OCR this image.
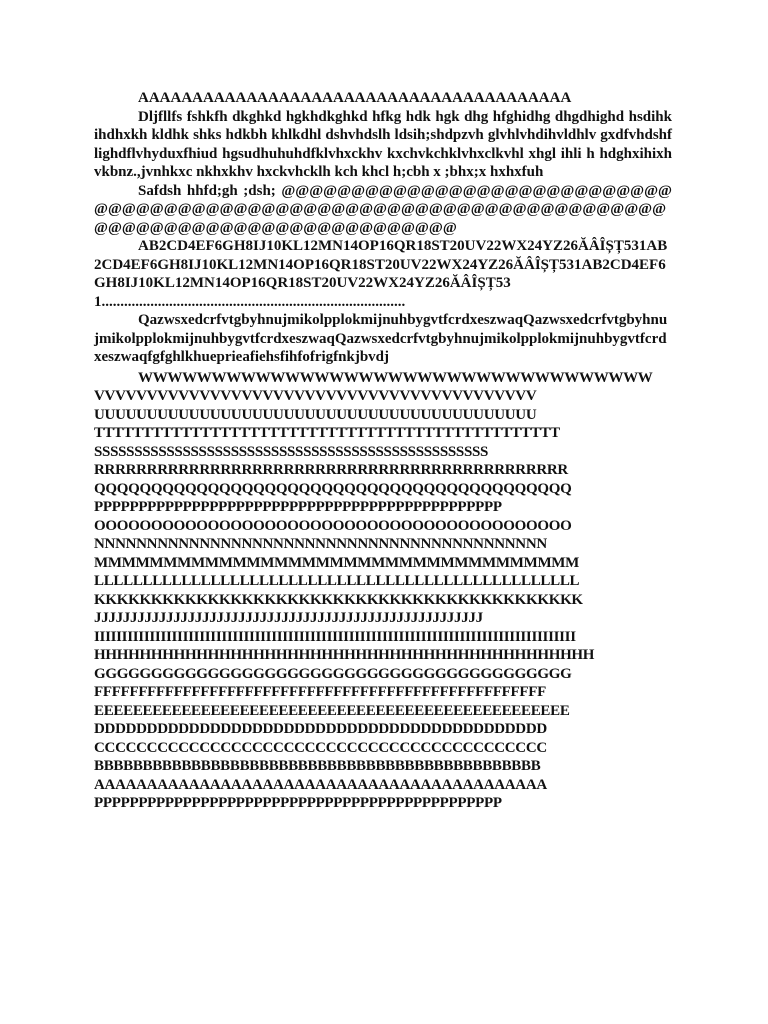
AAAAAAAAAAAAAAAAAAAAAAAAAAAAAAAAAAAAAAAA

Dljfllfs fshkfh dkghkd hgkhdkghkd hfkg hdk hgk dhg hfghidhg dhgdhighd hsdihk ihdhxkh kldhk shks hdkbh khlkdhl dshvhdslh ldsih;shdpzvh glvhlvhdihvldhlv gxdfvhdshflighdflvhyduxfhiud hgsudhuhuhdfklvhxckhv kxchvkchklvhxclkvhl xhgl ihli h hdghxihixhvkbnz.,jvnhkxc nkhxkhv hxckvhcklh kch khcl h;cbh x ;bhx;x hxhxfuh

Safdsh hhfd;gh ;dsh; @@@@@@@@@@@@@@@@@@@@@@@@@@@@@@@@@@@@@@@@@@@@@@@@@@@@@@@@@@@@@@@@@@@@@@@@@@@@@@@@@@@@@@@@@@@@@@@

AB2CD4EF6GH8IJ10KL12MN14OP16QR18ST20UV22WX24YZ26ĂÂÎȘȚ531AB2CD4EF6GH8IJ10KL12MN14OP16QR18ST20UV22WX24YZ26ĂÂÎȘȚ531AB2CD4EF6GH8IJ10KL12MN14OP16QR18ST20UV22WX24YZ26ĂÂÎȘȚ531.................................................................................

QazwsxedcrfvtgbyhnujmikolpplokmijnuhbygvtfcrdxeszwaqQazwsxedcrfvtgbyhnujmikolpplokmijnuhbygvtfcrdxeszwaqQazwsxedcrfvtgbyhnujmikolpplokmijnuhbygvtfcrdxeszwaqfgfghlkhueprieafiehsfihfofrigfnkjbvdj

WWWWWWWWWWWWWWWWWWWWWWWWWWWWWWWWWWW
VVVVVVVVVVVVVVVVVVVVVVVVVVVVVVVVVVVVVVVVVV
UUUUUUUUUUUUUUUUUUUUUUUUUUUUUUUUUUUUUUUUUU
TTTTTTTTTTTTTTTTTTTTTTTTTTTTTTTTTTTTTTTTTTTTTTTT
SSSSSSSSSSSSSSSSSSSSSSSSSSSSSSSSSSSSSSSSSSSSSSSSS
RRRRRRRRRRRRRRRRRRRRRRRRRRRRRRRRRRRRRRRRRRRRR
QQQQQQQQQQQQQQQQQQQQQQQQQQQQQQQQQQQQQQQQQQ
PPPPPPPPPPPPPPPPPPPPPPPPPPPPPPPPPPPPPPPPPPPPPP
OOOOOOOOOOOOOOOOOOOOOOOOOOOOOOOOOOOOOOOOOO
NNNNNNNNNNNNNNNNNNNNNNNNNNNNNNNNNNNNNNNNNNN
MMMMMMMMMMMMMMMMMMMMMMMMMMMMMMMMMMM
LLLLLLLLLLLLLLLLLLLLLLLLLLLLLLLLLLLLLLLLLLLLLLLLLL
KKKKKKKKKKKKKKKKKKKKKKKKKKKKKKKKKKKKKKKKKKK
JJJJJJJJJJJJJJJJJJJJJJJJJJJJJJJJJJJJJJJJJJJJJJJJJJJJJJ
IIIIIIIIIIIIIIIIIIIIIIIIIIIIIIIIIIIIIIIIIIIIIIIIIIIIIIIIIIIIIIIIIIIIIIIIIIIIIIIIIIIIIII
HHHHHHHHHHHHHHHHHHHHHHHHHHHHHHHHHHHHHHHHHHHH
GGGGGGGGGGGGGGGGGGGGGGGGGGGGGGGGGGGGGGGGGG
FFFFFFFFFFFFFFFFFFFFFFFFFFFFFFFFFFFFFFFFFFFFFFFFFFF
EEEEEEEEEEEEEEEEEEEEEEEEEEEEEEEEEEEEEEEEEEEEEEEEE
DDDDDDDDDDDDDDDDDDDDDDDDDDDDDDDDDDDDDDDDDDD
CCCCCCCCCCCCCCCCCCCCCCCCCCCCCCCCCCCCCCCCCCC
BBBBBBBBBBBBBBBBBBBBBBBBBBBBBBBBBBBBBBBBBBBBBB
AAAAAAAAAAAAAAAAAAAAAAAAAAAAAAAAAAAAAAAAAAA
PPPPPPPPPPPPPPPPPPPPPPPPPPPPPPPPPPPPPPPPPPPPPP
